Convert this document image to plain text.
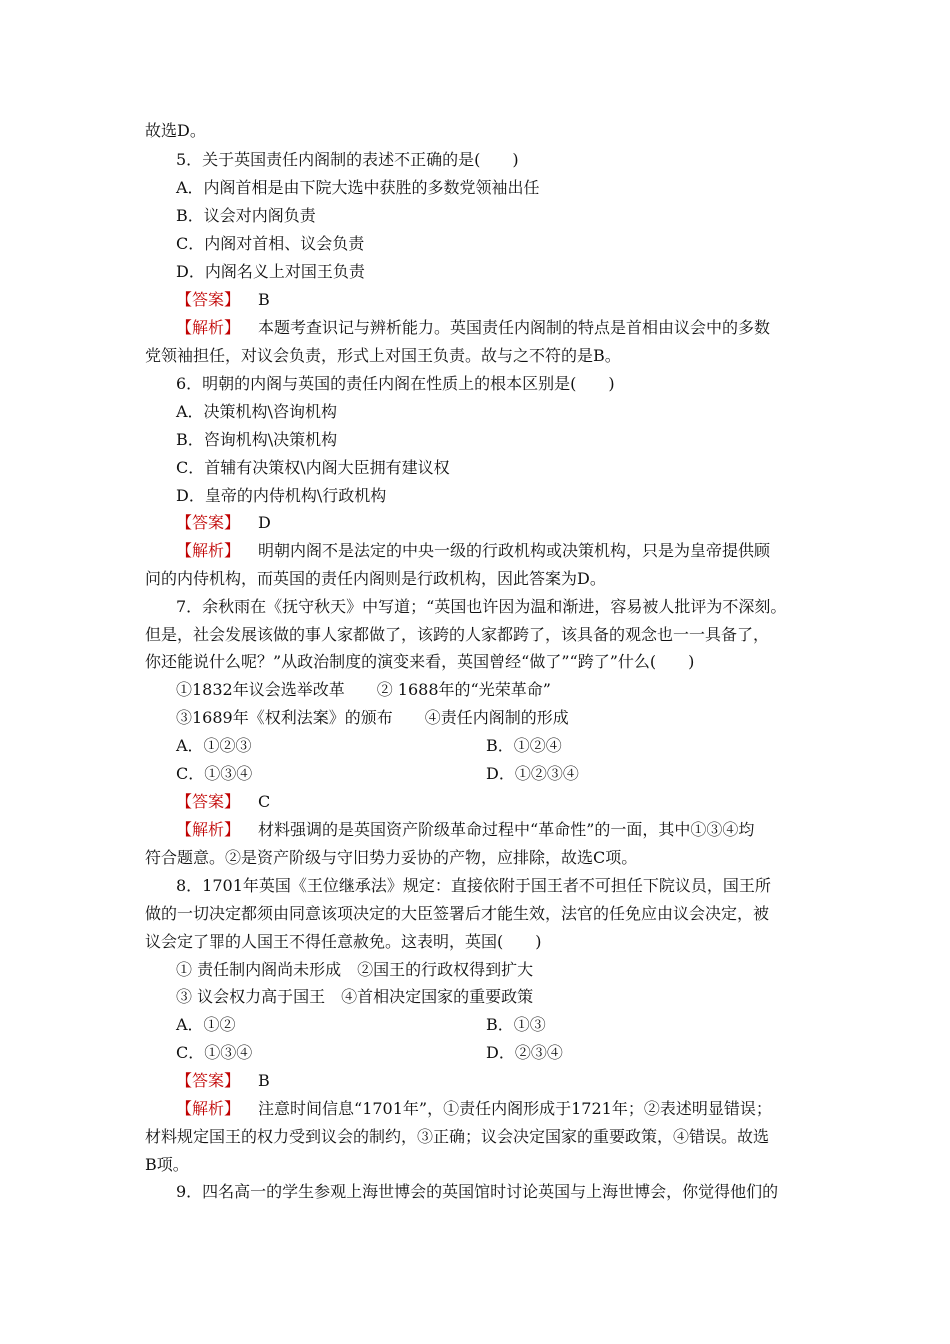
故选D。
5．关于英国责任内阁制的表述不正确的是(　　)
A．内阁首相是由下院大选中获胜的多数党领袖出任
B．议会对内阁负责
C．内阁对首相、议会负责
D．内阁名义上对国王负责
【答案】 B
【解析】 本题考查识记与辨析能力。英国责任内阁制的特点是首相由议会中的多数
党领袖担任，对议会负责，形式上对国王负责。故与之不符的是B。
6．明朝的内阁与英国的责任内阁在性质上的根本区别是(　　)
A．决策机构\咨询机构
B．咨询机构\决策机构
C．首辅有决策权\内阁大臣拥有建议权
D．皇帝的内侍机构\行政机构
【答案】 D
【解析】 明朝内阁不是法定的中央一级的行政机构或决策机构，只是为皇帝提供顾
问的内侍机构，而英国的责任内阁则是行政机构，因此答案为D。
7．余秋雨在《抚守秋天》中写道；“英国也许因为温和渐进，容易被人批评为不深刻。
但是，社会发展该做的事人家都做了，该跨的人家都跨了，该具备的观念也一一具备了，
你还能说什么呢？”从政治制度的演变来看，英国曾经“做了”“跨了”什么(　　)
①1832年议会选举改革　　② 1688年的“光荣革命”
③1689年《权利法案》的颁布　　④责任内阁制的形成
A．①②③	B．①②④
C．①③④	D．①②③④
【答案】 C
【解析】 材料强调的是英国资产阶级革命过程中“革命性”的一面，其中①③④均
符合题意。②是资产阶级与守旧势力妥协的产物，应排除，故选C项。
8．1701年英国《王位继承法》规定：直接依附于国王者不可担任下院议员，国王所
做的一切决定都须由同意该项决定的大臣签署后才能生效，法官的任免应由议会决定，被
议会定了罪的人国王不得任意赦免。这表明，英国(　　)
① 责任制内阁尚未形成　②国王的行政权得到扩大
③ 议会权力高于国王　④首相决定国家的重要政策
A．①②	B．①③
C．①③④	D．②③④
【答案】 B
【解析】 注意时间信息“1701年”，①责任内阁形成于1721年；②表述明显错误；
材料规定国王的权力受到议会的制约，③正确；议会决定国家的重要政策，④错误。故选
B项。
9．四名高一的学生参观上海世博会的英国馆时讨论英国与上海世博会，你觉得他们的
